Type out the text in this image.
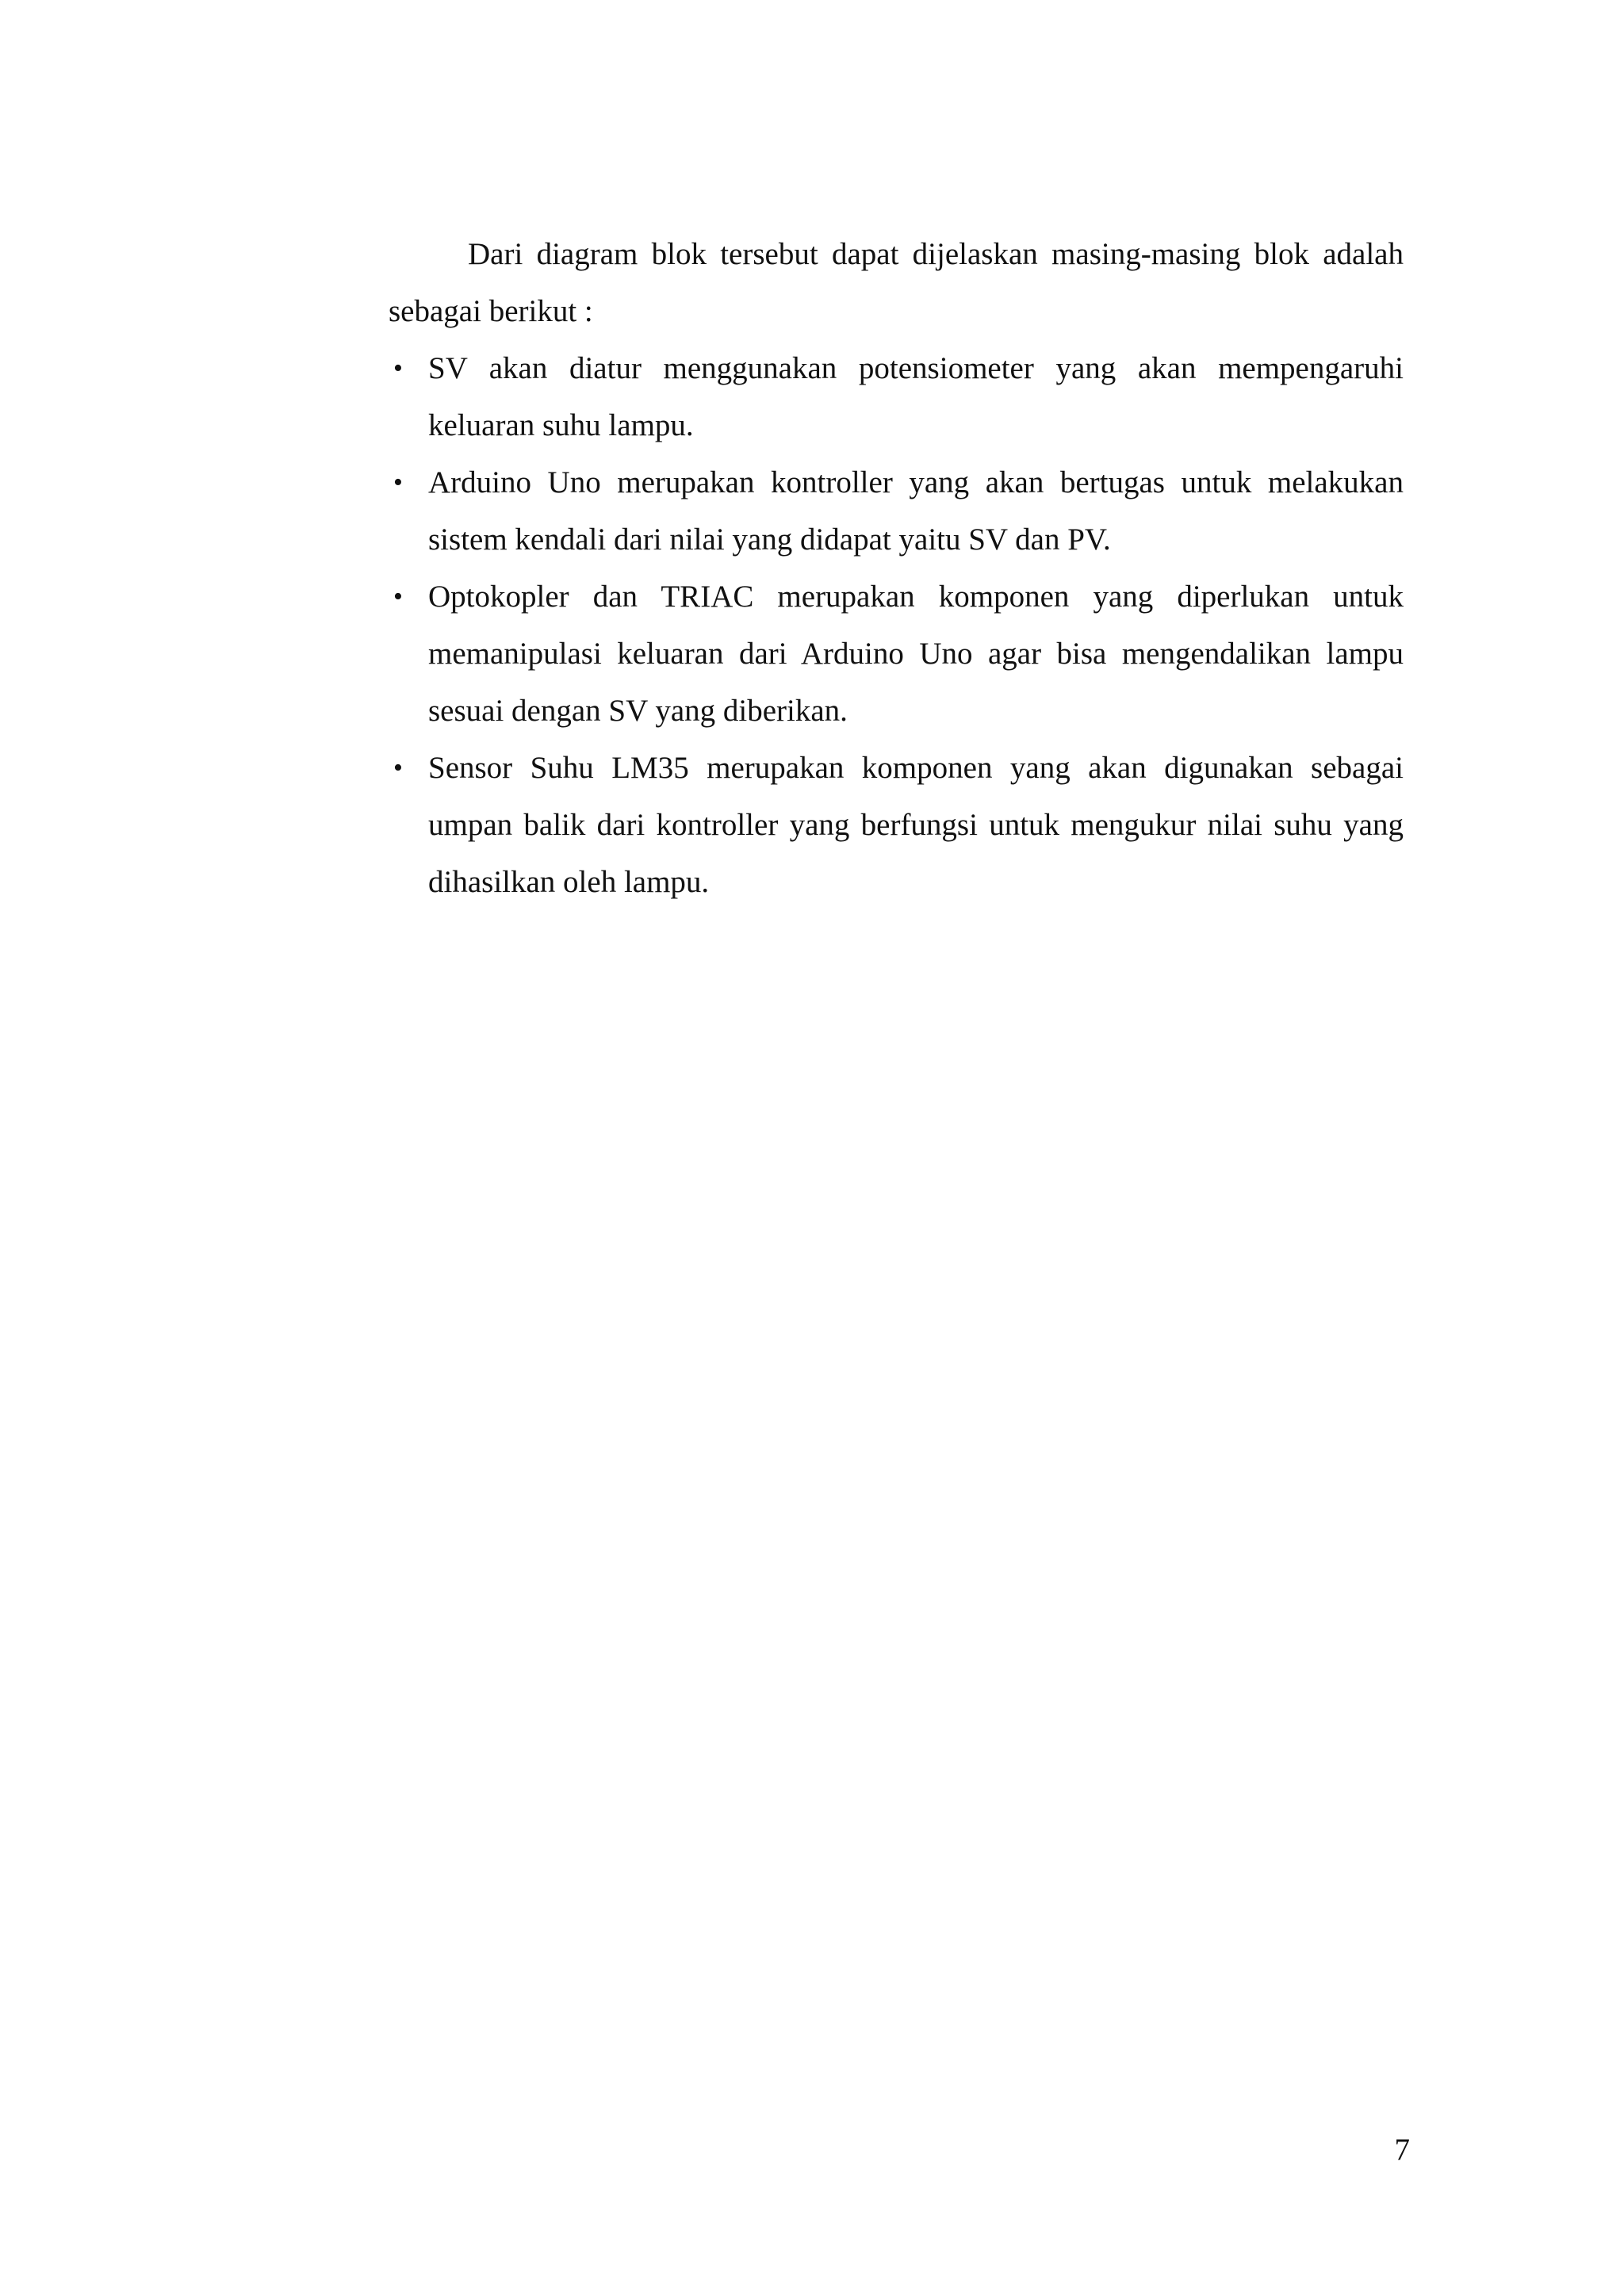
Dari diagram blok tersebut dapat dijelaskan masing-masing blok adalah sebagai berikut :

• SV akan diatur menggunakan potensiometer yang akan mempengaruhi keluaran suhu lampu.
• Arduino Uno merupakan kontroller yang akan bertugas untuk melakukan sistem kendali dari nilai yang didapat yaitu SV dan PV.
• Optokopler dan TRIAC merupakan komponen yang diperlukan untuk memanipulasi keluaran dari Arduino Uno agar bisa mengendalikan lampu sesuai dengan SV yang diberikan.
• Sensor Suhu LM35 merupakan komponen yang akan digunakan sebagai umpan balik dari kontroller yang berfungsi untuk mengukur nilai suhu yang dihasilkan oleh lampu.
7
